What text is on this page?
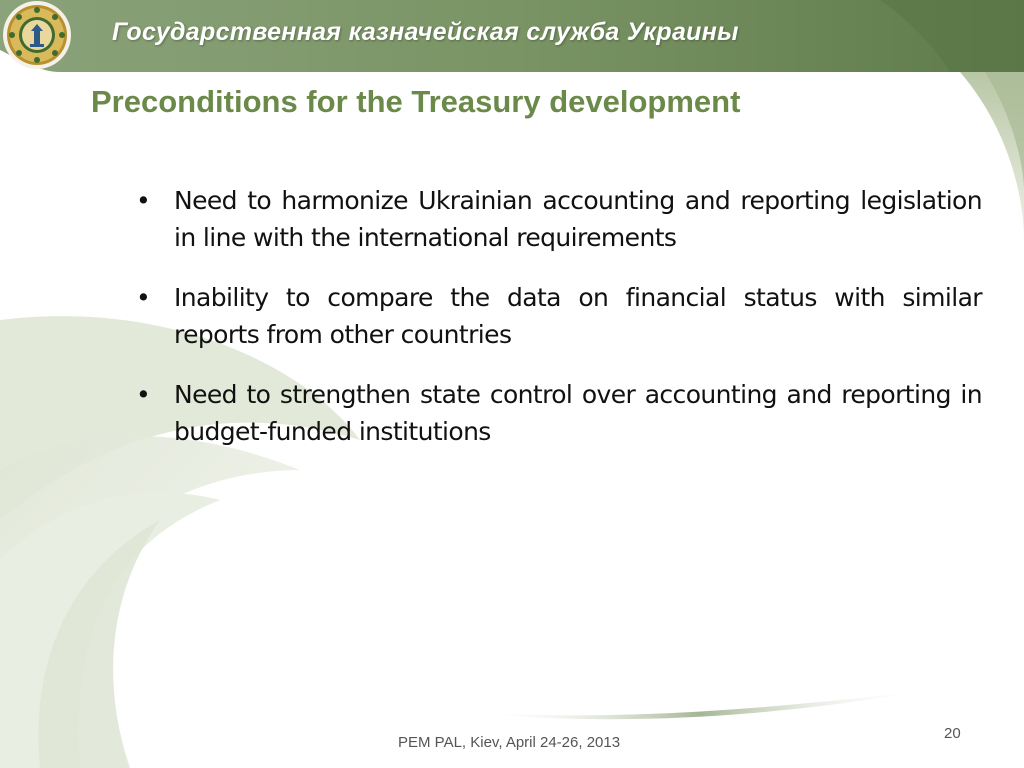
Государственная казначейская служба Украины
Preconditions for the Treasury development
• Need to harmonize Ukrainian accounting and reporting legislation in line with the international requirements
• Inability to compare the data on financial status with similar reports from other countries
• Need to strengthen state control over accounting and reporting in budget-funded institutions
PEM PAL, Kiev, April 24-26, 2013
20
